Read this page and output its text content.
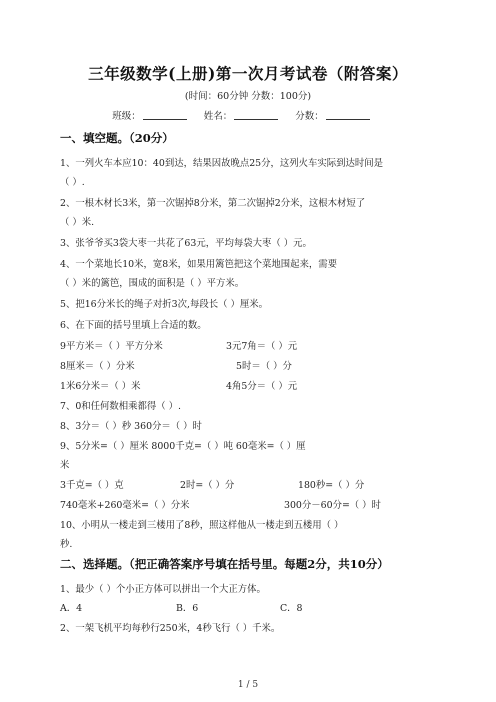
三年级数学(上册)第一次月考试卷（附答案）
(时间：60分钟 分数：100分)
班级：	姓名：	分数：
一、填空题。（20分）
1、一列火车本应10：40到达，结果因故晚点25分，这列火车实际到达时间是
（ ）.
2、一根木材长3米，第一次锯掉8分米，第二次锯掉2分米，这根木材短了
（ ）米.
3、张爷爷买3袋大枣一共花了63元，平均每袋大枣（ ）元。
4、一个菜地长10米，宽8米，如果用篱笆把这个菜地围起来，需要
（ ）米的篱笆，围成的面积是（ ）平方米。
5、把16分米长的绳子对折3次,每段长（ ）厘米。
6、在下面的括号里填上合适的数。
9平方米＝（ ）平方分米	3元7角＝（ ）元
8厘米＝（ ）分米	5时＝（ ）分
1米6分米＝（ ）米	4角5分＝（ ）元
7、0和任何数相乘都得（ ）.
8、3分＝（ ）秒 360分＝（ ）时
9、5分米=（ ）厘米 8000千克=（ ）吨 60毫米=（ ）厘
米
3千克=（ ）克	2时=（ ）分	180秒=（ ）分
740毫米+260毫米=（ ）分米	300分－60分=（ ）时
10、小明从一楼走到三楼用了8秒，照这样他从一楼走到五楼用（ ）
秒.
二、选择题。（把正确答案序号填在括号里。每题2分，共10分）
1、最少（ ）个小正方体可以拼出一个大正方体。
A．4	B．6	C．8
2、一架飞机平均每秒行250米，4秒飞行（ ）千米。
1 / 5
